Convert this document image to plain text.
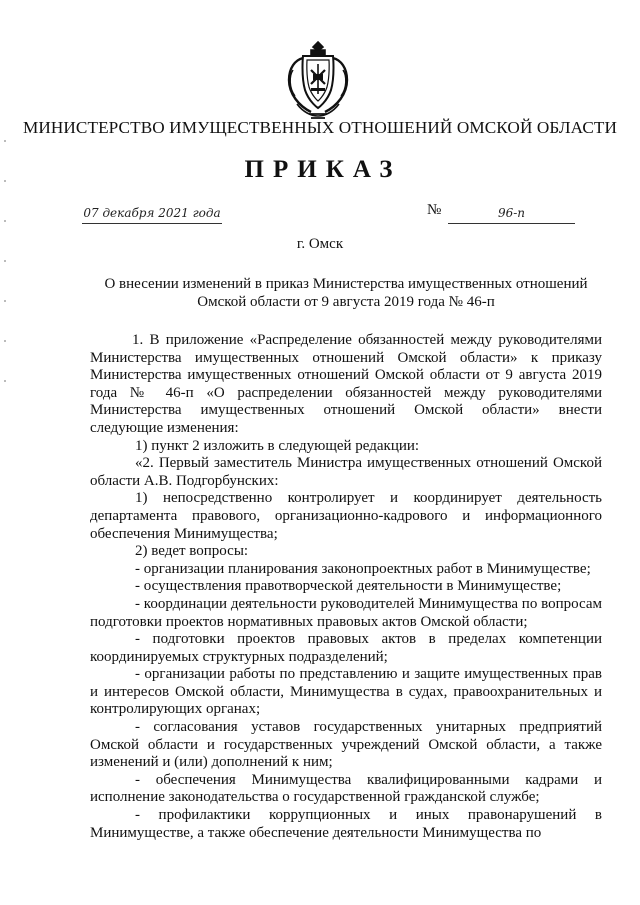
МИНИСТЕРСТВО ИМУЩЕСТВЕННЫХ ОТНОШЕНИЙ ОМСКОЙ ОБЛАСТИ
ПРИКАЗ
07 декабря 2021 года	№	96-п
г. Омск
О внесении изменений в приказ Министерства имущественных отношений
Омской области от 9 августа 2019 года № 46-п

1. В приложение «Распределение обязанностей между руководителями Министерства имущественных отношений Омской области» к приказу Министерства имущественных отношений Омской области от 9 августа 2019 года № 46-п «О распределении обязанностей между руководителями Министерства имущественных отношений Омской области» внести следующие изменения:

1) пункт 2 изложить в следующей редакции:

«2. Первый заместитель Министра имущественных отношений Омской области А.В. Подгорбунских:

1) непосредственно контролирует и координирует деятельность департамента правового, организационно-кадрового и информационного обеспечения Минимущества;

2) ведет вопросы:

- организации планирования законопроектных работ в Минимуществе;

- осуществления правотворческой деятельности в Минимуществе;

- координации деятельности руководителей Минимущества по вопросам подготовки проектов нормативных правовых актов Омской области;

- подготовки проектов правовых актов в пределах компетенции координируемых структурных подразделений;

- организации работы по представлению и защите имущественных прав и интересов Омской области, Минимущества в судах, правоохранительных и контролирующих органах;

- согласования уставов государственных унитарных предприятий Омской области и государственных учреждений Омской области, а также изменений и (или) дополнений к ним;

- обеспечения Минимущества квалифицированными кадрами и исполнение законодательства о государственной гражданской службе;

- профилактики коррупционных и иных правонарушений в Минимуществе, а также обеспечение деятельности Минимущества по
